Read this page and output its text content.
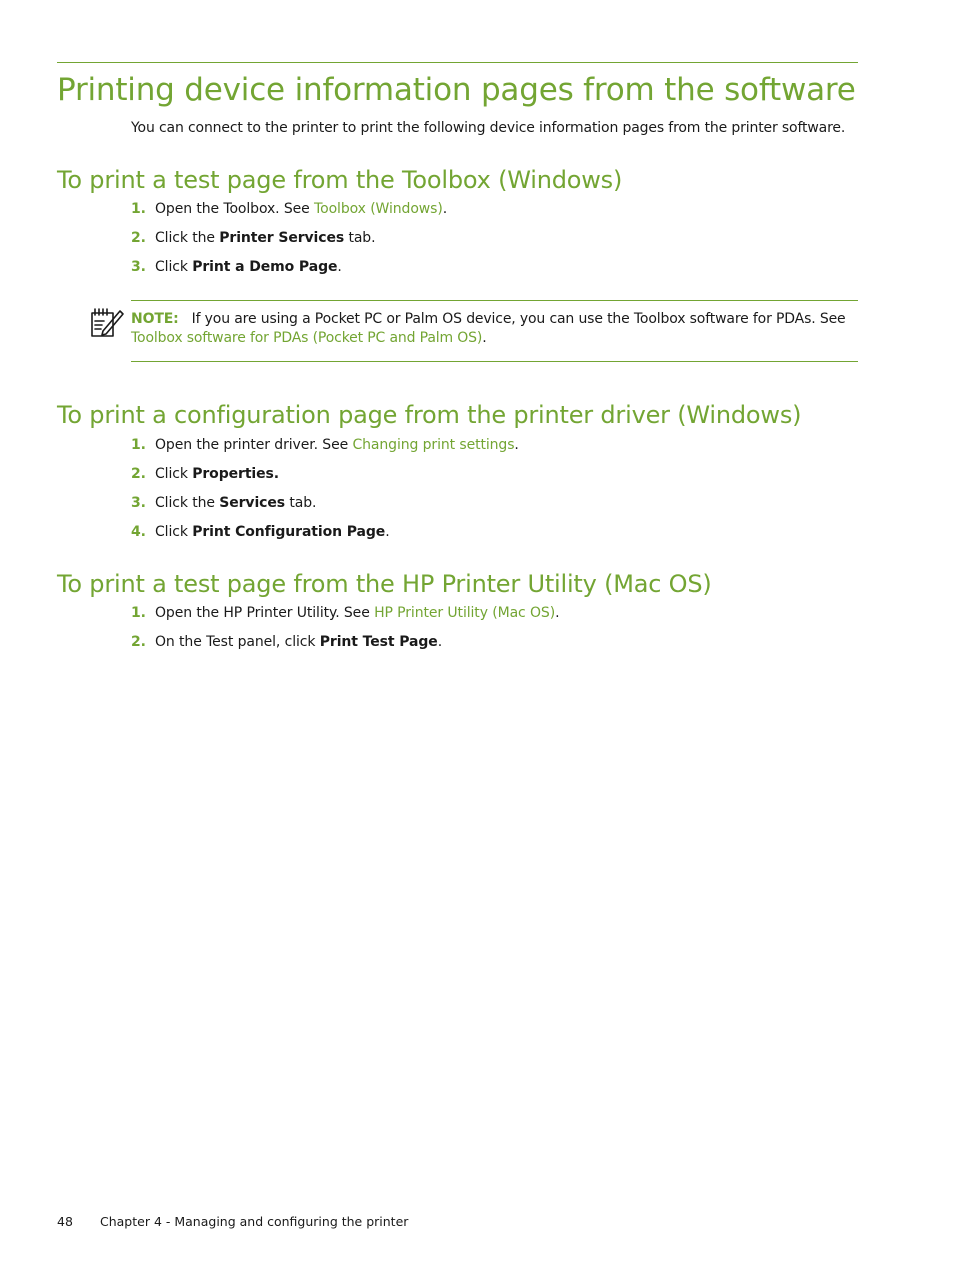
Printing device information pages from the software
You can connect to the printer to print the following device information pages from the printer software.
To print a test page from the Toolbox (Windows)
1. Open the Toolbox. See Toolbox (Windows).
2. Click the Printer Services tab.
3. Click Print a Demo Page.
NOTE: If you are using a Pocket PC or Palm OS device, you can use the Toolbox software for PDAs. See Toolbox software for PDAs (Pocket PC and Palm OS).
To print a configuration page from the printer driver (Windows)
1. Open the printer driver. See Changing print settings.
2. Click Properties.
3. Click the Services tab.
4. Click Print Configuration Page.
To print a test page from the HP Printer Utility (Mac OS)
1. Open the HP Printer Utility. See HP Printer Utility (Mac OS).
2. On the Test panel, click Print Test Page.
48 Chapter 4 - Managing and configuring the printer
